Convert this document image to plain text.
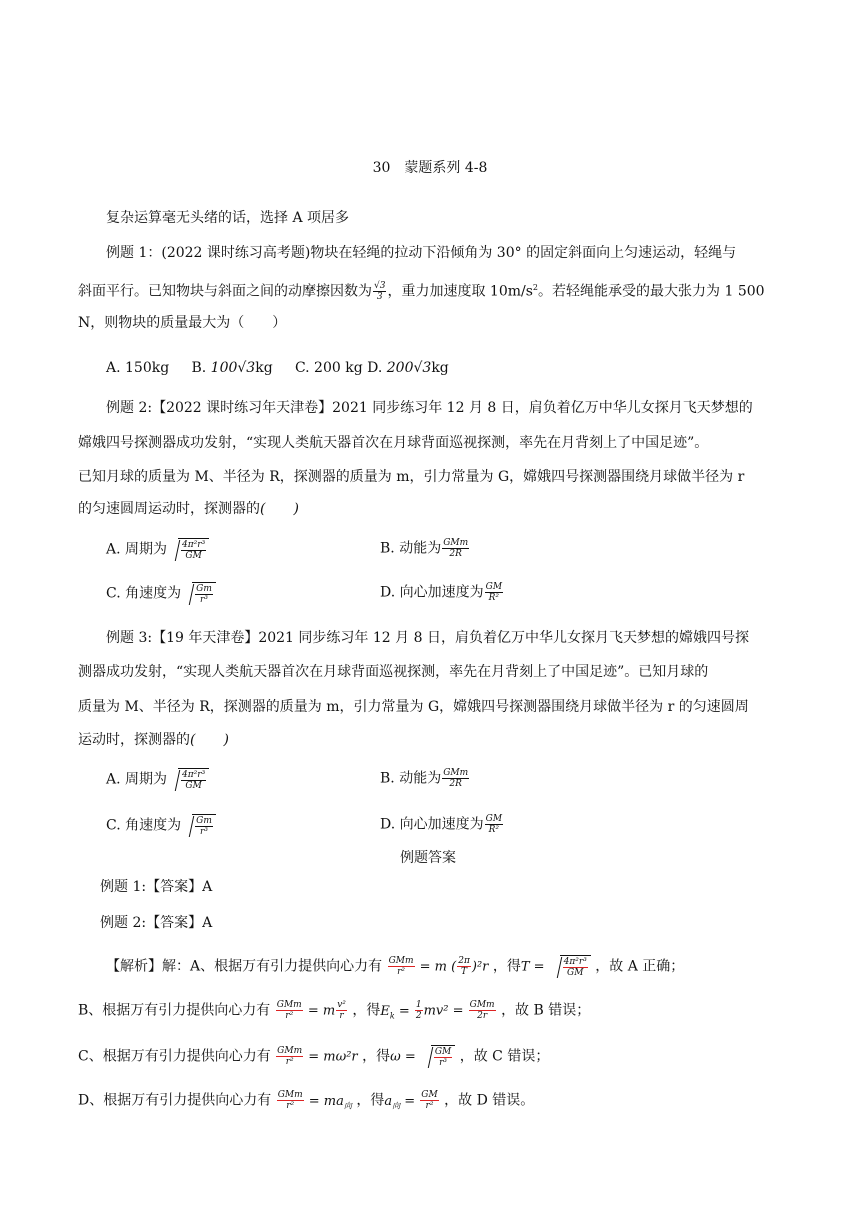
30　蒙题系列 4-8
复杂运算毫无头绪的话，选择 A 项居多
例题 1：(2022 课时练习高考题)物块在轻绳的拉动下沿倾角为 30° 的固定斜面向上匀速运动，轻绳与
斜面平行。已知物块与斜面之间的动摩擦因数为 $\frac{√3}{3}$ ，重力加速度取 $10m/s^2$。若轻绳能承受的最大张力为 1 500
N，则物块的质量最大为（　　）
A. 150kg B. 100√3kg C. 200 kg D. 200√3kg
例题 2:【2022 课时练习年天津卷】2021 同步练习年 12 月 8 日，肩负着亿万中华儿女探月飞天梦想的
嫦娥四号探测器成功发射，“实现人类航天器首次在月球背面巡视探测，率先在月背刻上了中国足迹”。
已知月球的质量为 M、半径为 R，探测器的质量为 m，引力常量为 G，嫦娥四号探测器围绕月球做半径为 r
的匀速圆周运动时，探测器的(　　)
A. 周期为 $\frac{\text{4π²r³}}{GM}$	B. 动能为 $\frac{\text{GMm}}{2R}$
C. 角速度为 $\frac{Gm}{\text{r³}}$	D. 向心加速度为 $\frac{GM}{\text{R²}}$
例题 3:【19 年天津卷】2021 同步练习年 12 月 8 日，肩负着亿万中华儿女探月飞天梦想的嫦娥四号探
测器成功发射，“实现人类航天器首次在月球背面巡视探测，率先在月背刻上了中国足迹”。已知月球的
质量为 M、半径为 R，探测器的质量为 m，引力常量为 G，嫦娥四号探测器围绕月球做半径为 r 的匀速圆周
运动时，探测器的(　　)
A. 周期为 $\frac{\text{4π²r³}}{GM}$	B. 动能为 $\frac{\text{GMm}}{2R}$
C. 角速度为 $\frac{Gm}{\text{r³}}$	D. 向心加速度为 $\frac{GM}{\text{R²}}$
例题答案
例题 1:【答案】A
例题 2:【答案】A
【解析】解：A、根据万有引力提供向心力有 $\frac{\text{GMm}}{\text{r²}} = m$ ( $\frac{2\pi}{T} )^2r$ ，得$T = \frac{\text{4π²r³}}{GM}$ ，故 A 正确；
B、根据万有引力提供向心力有 $\frac{\text{GMm}}{\text{r²}} = m \frac{\text{v²}}{r}$ ，得$E_k = \frac{1}{2} mv^2 = \frac{\text{GMm}}{2r}$ ，故 B 错误；
C、根据万有引力提供向心力有 $\frac{\text{GMm}}{\text{r²}} = m\omega^2r$ ，得$\omega = \frac{GM}{\text{r³}}$ ，故 C 错误；
D、根据万有引力提供向心力有 $\frac{\text{GMm}}{\text{r²}} = ma_向$ ，得$a_向 = \frac{GM}{\text{r²}}$ ，故 D 错误。
